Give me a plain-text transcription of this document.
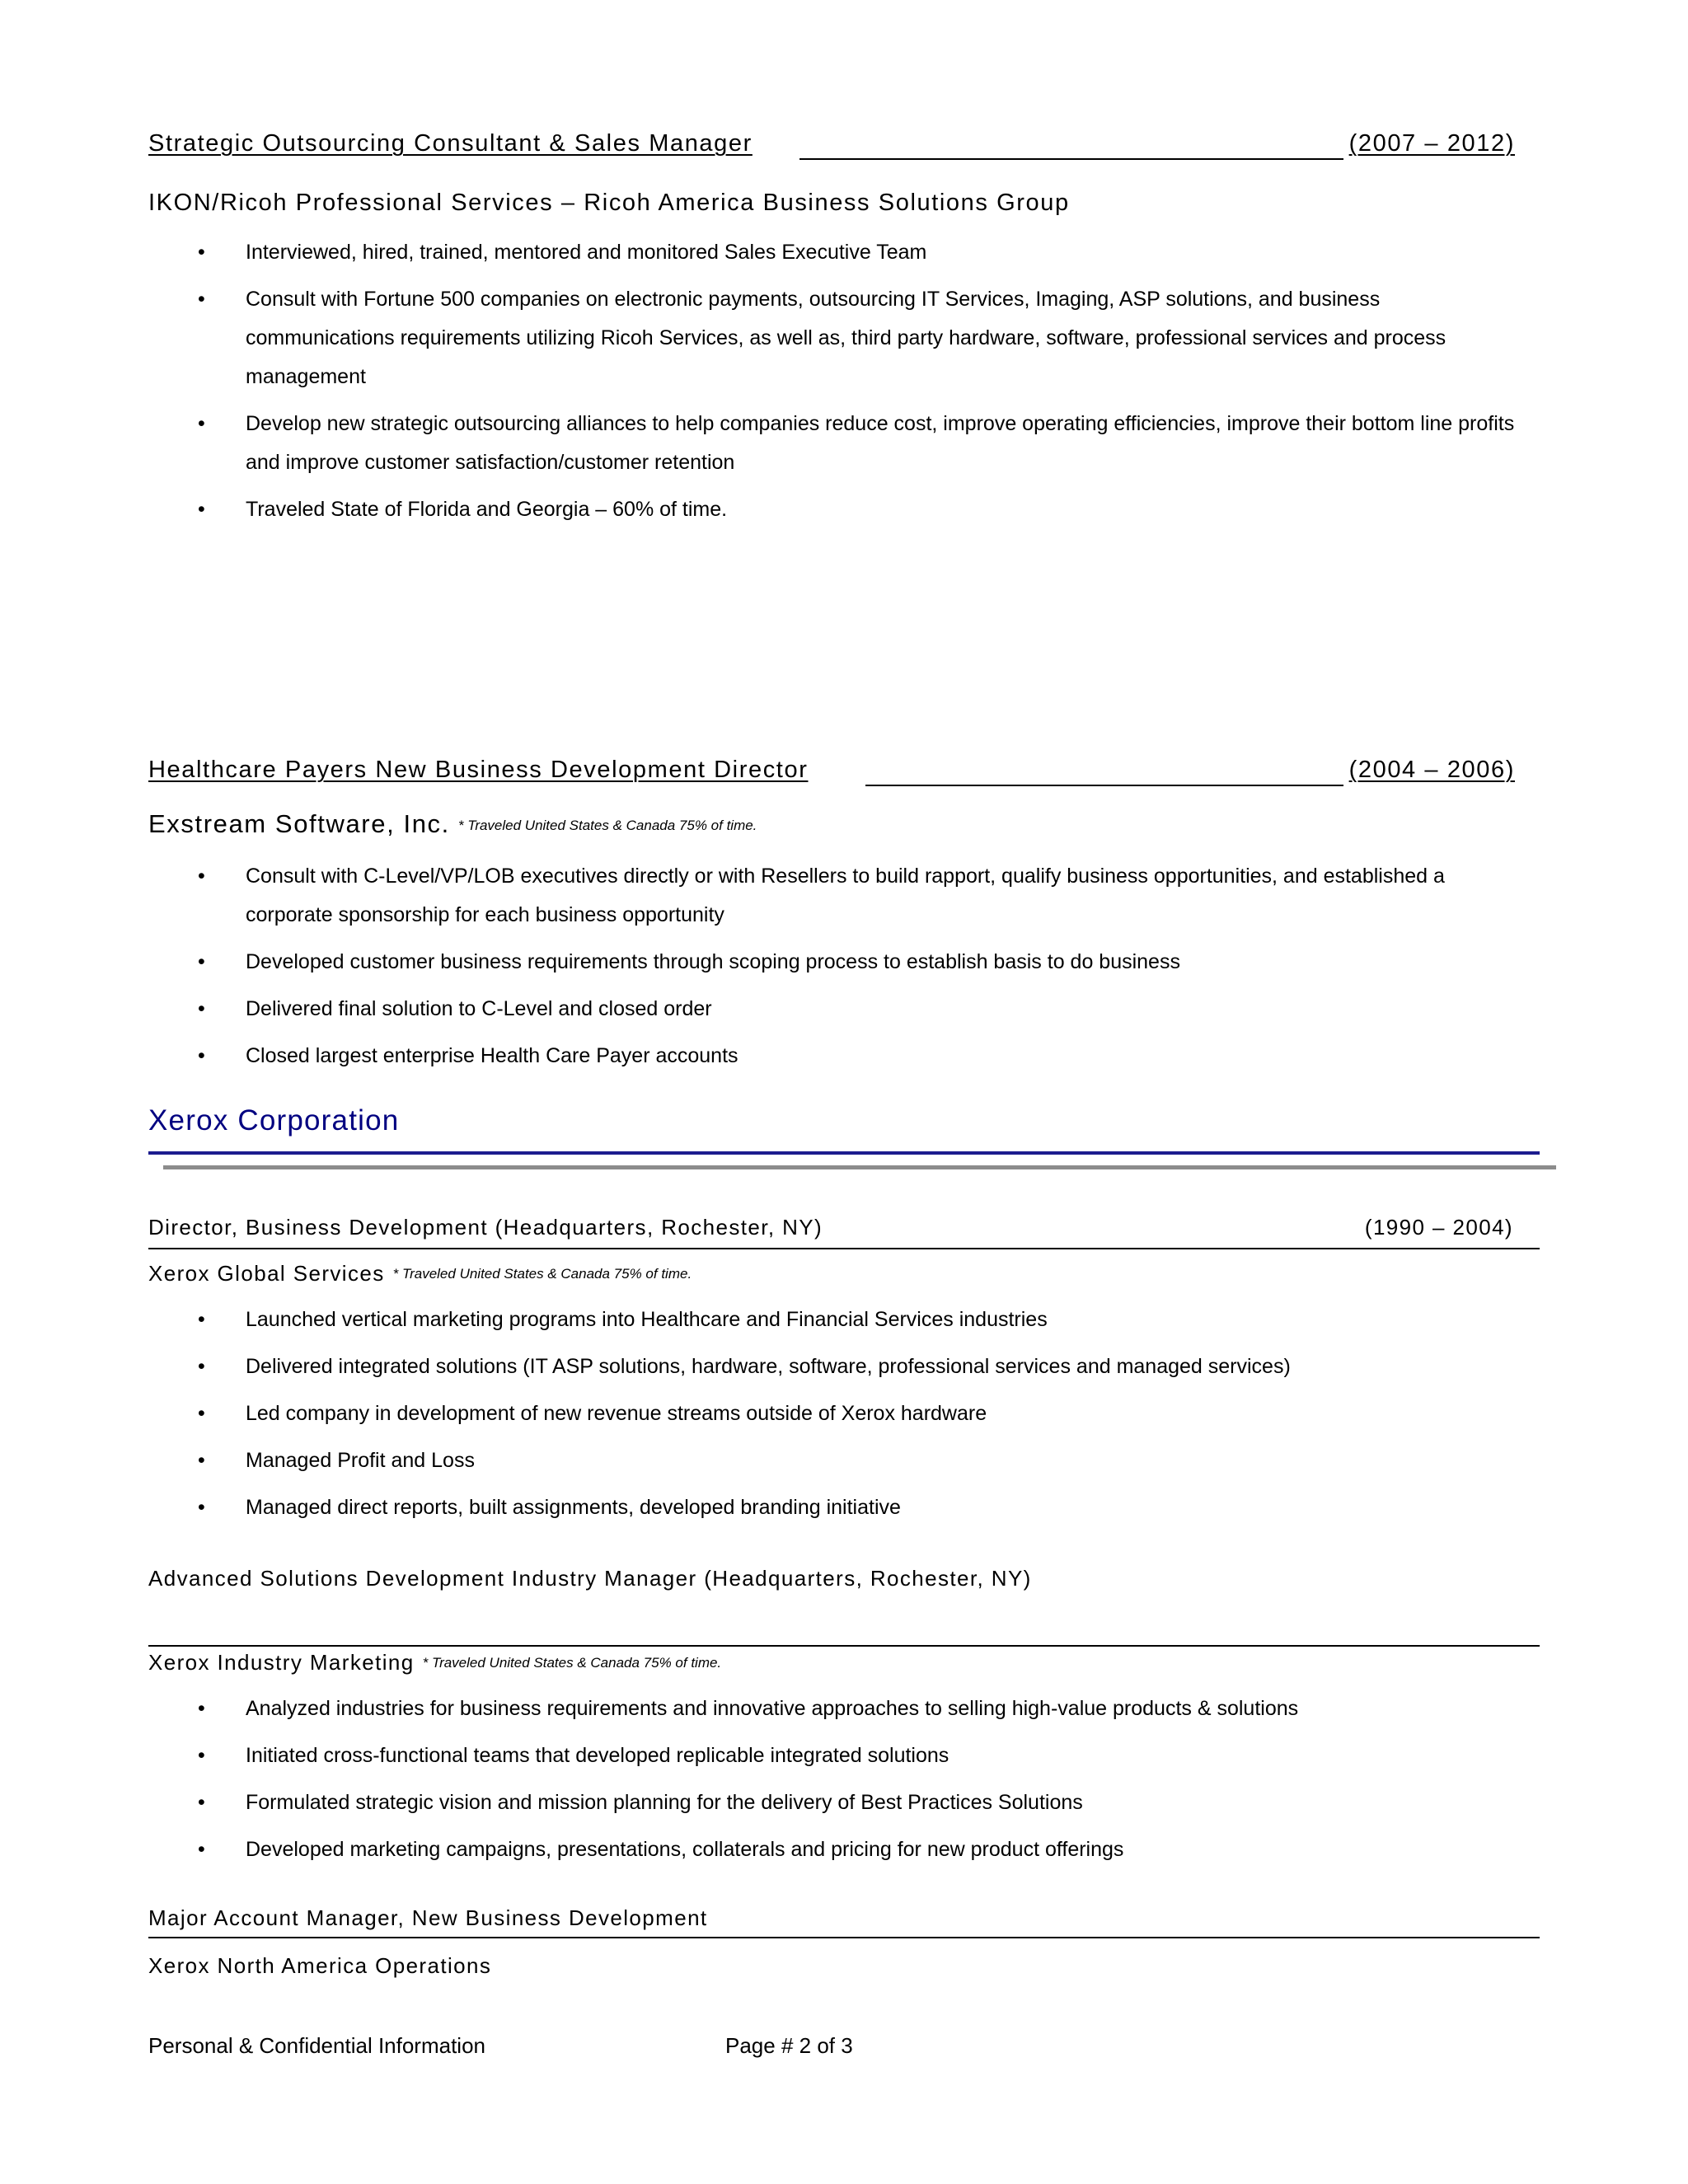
Strategic Outsourcing Consultant & Sales Manager	(2007 – 2012)
IKON/Ricoh Professional Services – Ricoh America Business Solutions Group
• Interviewed, hired, trained, mentored and monitored Sales Executive Team
• Consult with Fortune 500 companies on electronic payments, outsourcing IT Services, Imaging, ASP solutions, and business communications requirements utilizing Ricoh Services, as well as, third party hardware, software, professional services and process management
• Develop new strategic outsourcing alliances to help companies reduce cost, improve operating efficiencies, improve their bottom line profits and improve customer satisfaction/customer retention
• Traveled State of Florida and Georgia – 60% of time.
Healthcare Payers New Business Development Director	(2004 – 2006)
Exstream Software, Inc. * Traveled United States & Canada 75% of time.
• Consult with C-Level/VP/LOB executives directly or with Resellers to build rapport, qualify business opportunities, and established a corporate sponsorship for each business opportunity
• Developed customer business requirements through scoping process to establish basis to do business
• Delivered final solution to C-Level and closed order
• Closed largest enterprise Health Care Payer accounts
Xerox Corporation
Director, Business Development (Headquarters, Rochester, NY)	(1990 – 2004)
Xerox Global Services * Traveled United States & Canada 75% of time.
• Launched vertical marketing programs into Healthcare and Financial Services industries
• Delivered integrated solutions (IT ASP solutions, hardware, software, professional services and managed services)
• Led company in development of new revenue streams outside of Xerox hardware
• Managed Profit and Loss
• Managed direct reports, built assignments, developed branding initiative
Advanced Solutions Development Industry Manager (Headquarters, Rochester, NY)
Xerox Industry Marketing * Traveled United States & Canada 75% of time.
• Analyzed industries for business requirements and innovative approaches to selling high-value products & solutions
• Initiated cross-functional teams that developed replicable integrated solutions
• Formulated strategic vision and mission planning for the delivery of Best Practices Solutions
• Developed marketing campaigns, presentations, collaterals and pricing for new product offerings
Major Account Manager, New Business Development
Xerox North America Operations
Personal & Confidential Information	Page # 2 of 3
